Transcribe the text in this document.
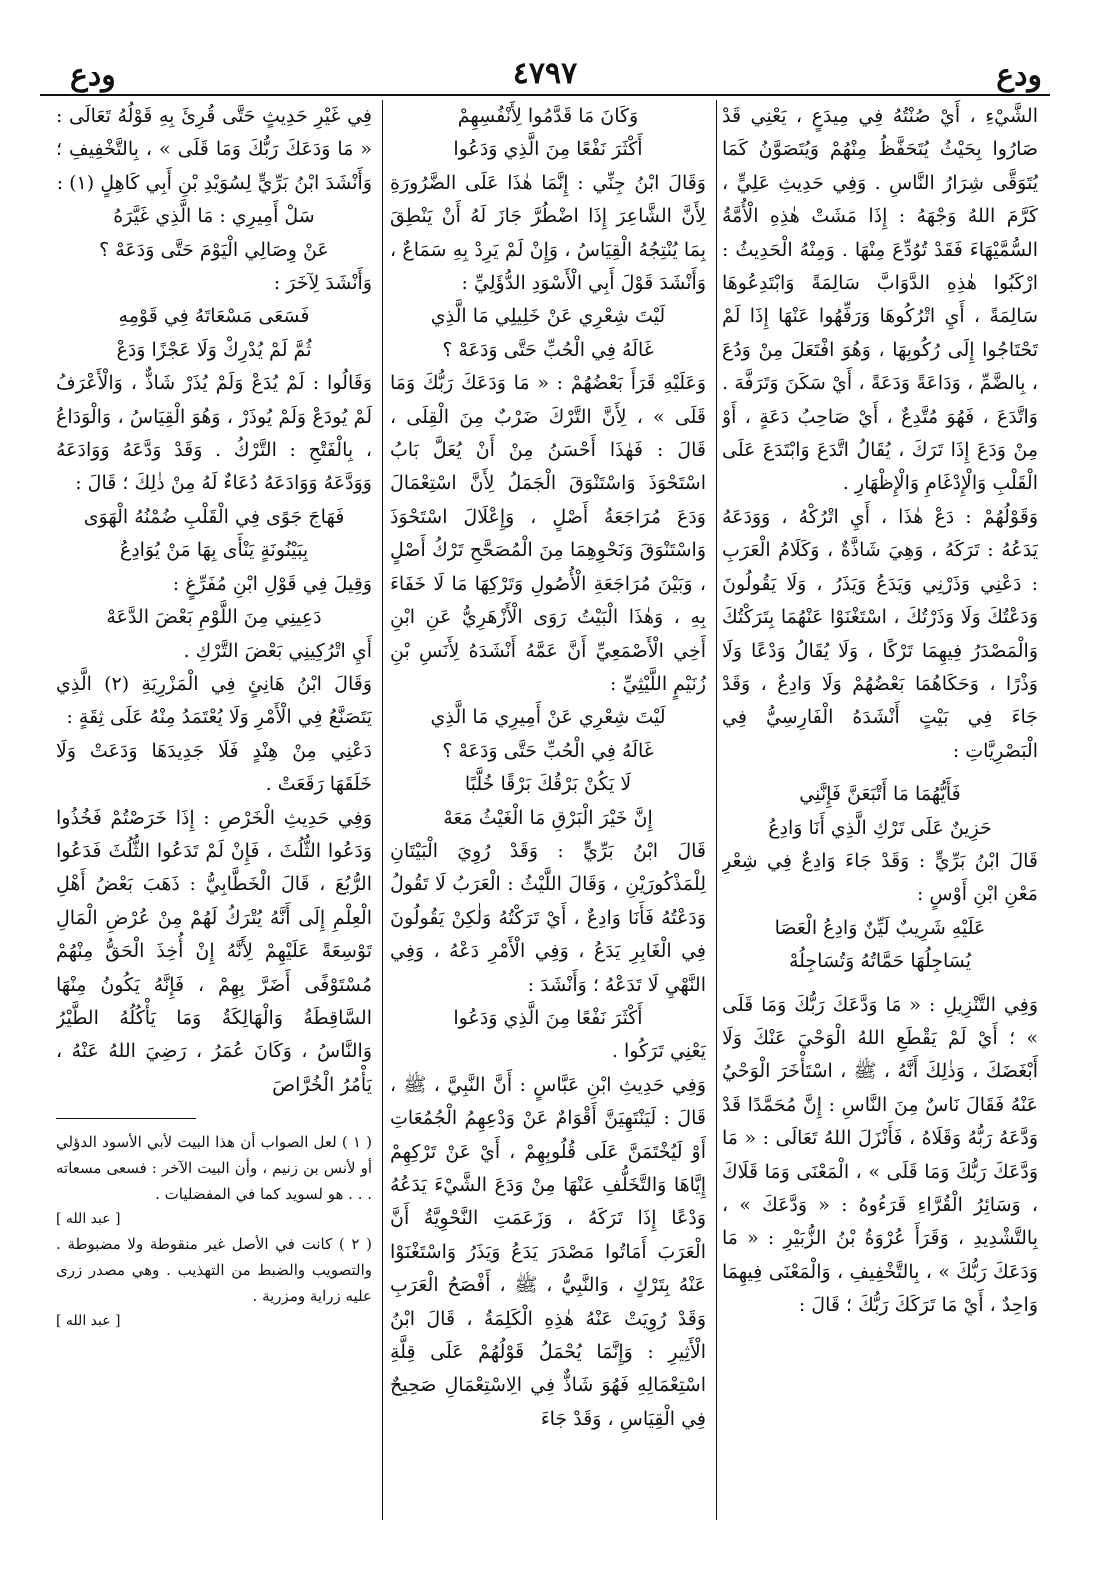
ودع
٤٧٩٧
ودع

الشَّيْءِ ، أَيْ صُنْتُهُ فِي مِيدَعٍ ، يَعْنِي قَدْ صَارُوا بِحَيْثُ يُتَحَفَّظُ مِنْهُمْ وَيُتَصَوَّنُ كَمَا يُتَوَقَّى شِرَارُ النَّاسِ . وَفِي حَدِيثِ عَلِيٍّ ، كَرَّمَ اللهُ وَجْهَهُ : إِذَا مَشَتْ هٰذِهِ الْأُمَّةُ السُّمَّيْهَاءَ فَقَدْ تُوُدِّعَ مِنْهَا . وَمِنْهُ الْحَدِيثُ : ارْكَبُوا هٰذِهِ الدَّوَابَّ سَالِمَةً وَابْتَدِعُوهَا سَالِمَةً ، أَيِ اتْرُكُوهَا وَرَفِّهُوا عَنْهَا إِذَا لَمْ تَحْتَاجُوا إِلَى رُكُوبِهَا ، وَهُوَ افْتَعَلَ مِنْ وَدُعَ ، بِالضَّمِّ ، وَدَاعَةً وَدَعَةً ، أَيْ سَكَنَ وَتَرَفَّهَ . وَاتَّدَعَ ، فَهُوَ مُتَّدِعٌ ، أَيْ صَاحِبُ دَعَةٍ ، أَوْ مِنْ وَدَعَ إِذَا تَرَكَ ، يُقَالُ اتَّدَعَ وَابْتَدَعَ عَلَى الْقَلْبِ وَالْإِدْغَامِ وَالْإِظْهَارِ .

وَقَوْلُهُمْ : دَعْ هٰذَا ، أَيِ اتْرُكْهُ ، وَوَدَعَهُ يَدَعُهُ : تَرَكَهُ ، وَهِيَ شَاذَّةٌ ، وَكَلَامُ الْعَرَبِ : دَعْنِي وَذَرْنِي وَيَدَعُ وَيَذَرُ ، وَلَا يَقُولُونَ وَدَعْتُكَ وَلَا وَذَرْتُكَ ، اسْتَغْنَوْا عَنْهُمَا بِتَرَكْتُكَ وَالْمَصْدَرُ فِيهِمَا تَرْكًا ، وَلَا يُقَالُ وَدْعًا وَلَا وَذْرًا ، وَحَكَاهُمَا بَعْضُهُمْ وَلَا وَادِعٌ ، وَقَدْ جَاءَ فِي بَيْتٍ أَنْشَدَهُ الْفَارِسِيُّ فِي الْبَصْرِيَّاتِ :

فَأَيُّهُمَا مَا أَتْبَعَنَّ فَإِنَّنِي

حَزِينٌ عَلَى تَرْكِ الَّذِي أَنَا وَادِعُ

قَالَ ابْنُ بَرِّيٍّ : وَقَدْ جَاءَ وَادِعٌ فِي شِعْرِ مَعْنِ ابْنِ أَوْسٍ :

عَلَيْهِ شَرِيبٌ لَيِّنٌ وَادِعُ الْعَصَا

يُسَاجِلُهَا حَمَّاتُهُ وَتُسَاجِلُهْ

وَفِي التَّنْزِيلِ : « مَا وَدَّعَكَ رَبُّكَ وَمَا قَلَى » ؛ أَيْ لَمْ يَقْطَعِ اللهُ الْوَحْيَ عَنْكَ وَلَا أَبْغَضَكَ ، وَذٰلِكَ أَنَّهُ ، ﷺ ، اسْتَأْخَرَ الْوَحْيُ عَنْهُ فَقَالَ نَاسٌ مِنَ النَّاسِ : إِنَّ مُحَمَّدًا قَدْ وَدَّعَهُ رَبُّهُ وَقَلَاهُ ، فَأَنْزَلَ اللهُ تَعَالَى : « مَا وَدَّعَكَ رَبُّكَ وَمَا قَلَى » ، الْمَعْنَى وَمَا قَلَاكَ ، وَسَائِرُ الْقُرَّاءِ قَرَءُوهُ : « وَدَّعَكَ » ، بِالتَّشْدِيدِ ، وَقَرَأَ عُرْوَةُ بْنُ الزُّبَيْرِ : « مَا وَدَعَكَ رَبُّكَ » ، بِالتَّخْفِيفِ ، وَالْمَعْنَى فِيهِمَا وَاحِدٌ ، أَيْ مَا تَرَكَكَ رَبُّكَ ؛ قَالَ :

وَكَانَ مَا قَدَّمُوا لِأَنْفُسِهِمْ

أَكْثَرَ نَفْعًا مِنَ الَّذِي وَدَعُوا

وَقَالَ ابْنُ جِنِّي : إِنَّمَا هٰذَا عَلَى الضَّرُورَةِ لِأَنَّ الشَّاعِرَ إِذَا اضْطُرَّ جَازَ لَهُ أَنْ يَنْطِقَ بِمَا يُنْتِجُهُ الْقِيَاسُ ، وَإِنْ لَمْ يَرِدْ بِهِ سَمَاعٌ ، وَأَنْشَدَ قَوْلَ أَبِي الْأَسْوَدِ الدُّؤَلِيِّ :

لَيْتَ شِعْرِي عَنْ خَلِيلِي مَا الَّذِي

غَالَهُ فِي الْحُبِّ حَتَّى وَدَعَهْ ؟

وَعَلَيْهِ قَرَأَ بَعْضُهُمْ : « مَا وَدَعَكَ رَبُّكَ وَمَا قَلَى » ، لِأَنَّ التَّرْكَ ضَرْبٌ مِنَ الْقِلَى ، قَالَ : فَهٰذَا أَحْسَنُ مِنْ أَنْ يُعَلَّ بَابُ اسْتَحْوَذَ وَاسْتَنْوَقَ الْجَمَلُ لِأَنَّ اسْتِعْمَالَ وَدَعَ مُرَاجَعَةُ أَصْلٍ ، وَإِعْلَالَ اسْتَحْوَذَ وَاسْتَنْوَقَ وَنَحْوِهِمَا مِنَ الْمُصَحَّحِ تَرْكُ أَصْلٍ ، وَبَيْنَ مُرَاجَعَةِ الْأُصُولِ وَتَرْكِهَا مَا لَا خَفَاءَ بِهِ ، وَهٰذَا الْبَيْتُ رَوَى الْأَزْهَرِيُّ عَنِ ابْنِ أَخِي الْأَصْمَعِيِّ أَنَّ عَمَّهُ أَنْشَدَهُ لِأَنَسِ بْنِ زُنَيْمٍ اللَّيْثِيِّ :

لَيْتَ شِعْرِي عَنْ أَمِيرِي مَا الَّذِي

غَالَهُ فِي الْحُبِّ حَتَّى وَدَعَهْ ؟

لَا يَكُنْ بَرْقُكَ بَرْقًا خُلَّبًا

إِنَّ خَيْرَ الْبَرْقِ مَا الْغَيْثُ مَعَهْ

قَالَ ابْنُ بَرِّيٍّ : وَقَدْ رُوِيَ الْبَيْتَانِ لِلْمَذْكُورَيْنِ ، وَقَالَ اللَّيْثُ : الْعَرَبُ لَا تَقُولُ وَدَعْتُهُ فَأَنَا وَادِعٌ ، أَيْ تَرَكْتُهُ وَلٰكِنْ يَقُولُونَ فِي الْغَابِرِ يَدَعُ ، وَفِي الْأَمْرِ دَعْهُ ، وَفِي النَّهْيِ لَا تَدَعْهُ ؛ وَأَنْشَدَ :

أَكْثَرَ نَفْعًا مِنَ الَّذِي وَدَعُوا

يَعْنِي تَرَكُوا .

وَفِي حَدِيثِ ابْنِ عَبَّاسٍ : أَنَّ النَّبِيَّ ، ﷺ ، قَالَ : لَيَنْتَهِيَنَّ أَقْوَامٌ عَنْ وَدْعِهِمُ الْجُمُعَاتِ أَوْ لَيُخْتَمَنَّ عَلَى قُلُوبِهِمْ ، أَيْ عَنْ تَرْكِهِمْ إِيَّاهَا وَالتَّخَلُّفِ عَنْهَا مِنْ وَدَعَ الشَّيْءَ يَدَعُهُ وَدْعًا إِذَا تَرَكَهُ ، وَزَعَمَتِ النَّحْوِيَّةُ أَنَّ الْعَرَبَ أَمَاتُوا مَصْدَرَ يَدَعُ وَيَذَرُ وَاسْتَغْنَوْا عَنْهُ بِتَرْكٍ ، وَالنَّبِيُّ ، ﷺ ، أَفْصَحُ الْعَرَبِ وَقَدْ رُوِيَتْ عَنْهُ هٰذِهِ الْكَلِمَةُ ، قَالَ ابْنُ الْأَثِيرِ : وَإِنَّمَا يُحْمَلُ قَوْلُهُمْ عَلَى قِلَّةِ اسْتِعْمَالِهِ فَهُوَ شَاذٌّ فِي الِاسْتِعْمَالِ صَحِيحٌ فِي الْقِيَاسِ ، وَقَدْ جَاءَ

فِي غَيْرِ حَدِيثٍ حَتَّى قُرِئَ بِهِ قَوْلُهُ تَعَالَى : « مَا وَدَعَكَ رَبُّكَ وَمَا قَلَى » ، بِالتَّخْفِيفِ ؛ وَأَنْشَدَ ابْنُ بَرِّيٍّ لِسُوَيْدِ بْنِ أَبِي كَاهِلٍ (١) :

سَلْ أَمِيرِي : مَا الَّذِي غَيَّرَهُ

عَنْ وِصَالِي الْيَوْمَ حَتَّى وَدَعَهْ ؟

وَأَنْشَدَ لِآخَرَ :

فَسَعَى مَسْعَاتَهُ فِي قَوْمِهِ

ثُمَّ لَمْ يُدْرِكْ وَلَا عَجْزًا وَدَعْ

وَقَالُوا : لَمْ يُدَعْ وَلَمْ يُذَرْ شَاذٌّ ، وَالْأَعْرَفُ لَمْ يُودَعْ وَلَمْ يُوذَرْ ، وَهُوَ الْقِيَاسُ ، وَالْوَدَاعُ ، بِالْفَتْحِ : التَّرْكُ . وَقَدْ وَدَّعَهُ وَوَادَعَهُ وَوَدَّعَهُ وَوَادَعَهُ دُعَاءٌ لَهُ مِنْ ذٰلِكَ ؛ قَالَ :

فَهَاجَ جَوًى فِي الْقَلْبِ ضُمْنُهُ الْهَوَى

بِبَيْنُونَةٍ يَنْأَى بِهَا مَنْ يُوَادِعُ

وَقِيلَ فِي قَوْلِ ابْنِ مُفَرِّغٍ :

دَعِينِي مِنَ اللَّوْمِ بَعْضَ الدَّعَهْ

أَيِ اتْرُكِينِي بَعْضَ التَّرْكِ .

وَقَالَ ابْنُ هَانِئٍ فِي الْمَزْرِيَةِ (٢) الَّذِي يَتَصَنَّعُ فِي الْأَمْرِ وَلَا يُعْتَمَدُ مِنْهُ عَلَى ثِقَةٍ :

دَعْنِي مِنْ هِنْدٍ فَلَا جَدِيدَهَا وَدَعَتْ وَلَا خَلَقَهَا رَقَعَتْ .

وَفِي حَدِيثِ الْخَرْصِ : إِذَا خَرَصْتُمْ فَخُذُوا وَدَعُوا الثُّلُثَ ، فَإِنْ لَمْ تَدَعُوا الثُّلُثَ فَدَعُوا الرُّبُعَ ، قَالَ الْخَطَّابِيُّ : ذَهَبَ بَعْضُ أَهْلِ الْعِلْمِ إِلَى أَنَّهُ يُتْرَكُ لَهُمْ مِنْ عُرْضِ الْمَالِ تَوْسِعَةً عَلَيْهِمْ لِأَنَّهُ إِنْ أُخِذَ الْحَقُّ مِنْهُمْ مُسْتَوْفًى أَضَرَّ بِهِمْ ، فَإِنَّهُ يَكُونُ مِنْهَا السَّاقِطَةُ وَالْهَالِكَةُ وَمَا يَأْكُلُهُ الطَّيْرُ وَالنَّاسُ ، وَكَانَ عُمَرُ ، رَضِيَ اللهُ عَنْهُ ، يَأْمُرُ الْخُرَّاصَ

( ١ ) لعل الصواب أن هذا البيت لأبي الأسود الدؤلي أو لأنس بن زنيم ، وأن البيت الآخر : فسعى مسعاته . . . هو لسويد كما في المفضليات .

[ عبد الله ]

( ٢ ) كانت في الأصل غير منقوطة ولا مضبوطة . والتصويب والضبط من التهذيب . وهي مصدر زرى عليه زراية ومزرية .

[ عبد الله ]
